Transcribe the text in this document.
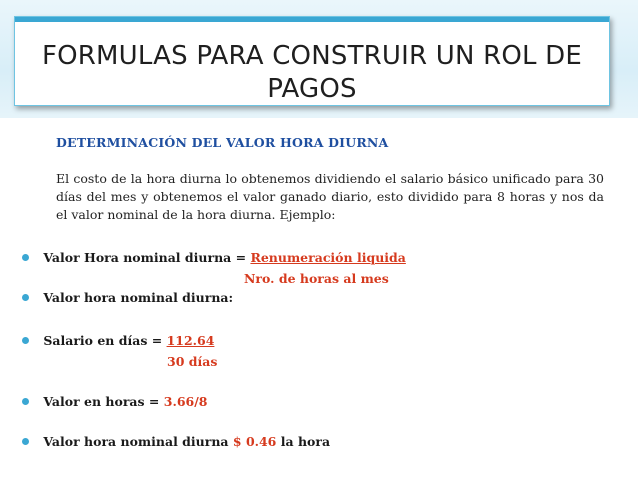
FORMULAS PARA CONSTRUIR UN ROL DE PAGOS
DETERMINACIÓN DEL VALOR HORA DIURNA
El costo de la hora diurna lo obtenemos dividiendo el salario básico unificado para 30 días del mes y obtenemos el valor ganado diario, esto dividido para 8 horas y nos da el valor nominal de la hora diurna. Ejemplo:
Valor Hora nominal diurna = Renumeración liquida
Nro. de horas al mes
Valor hora nominal diurna:
Salario en días = 112.64
30 días
Valor en horas = 3.66/8
Valor hora nominal diurna $ 0.46 la hora
